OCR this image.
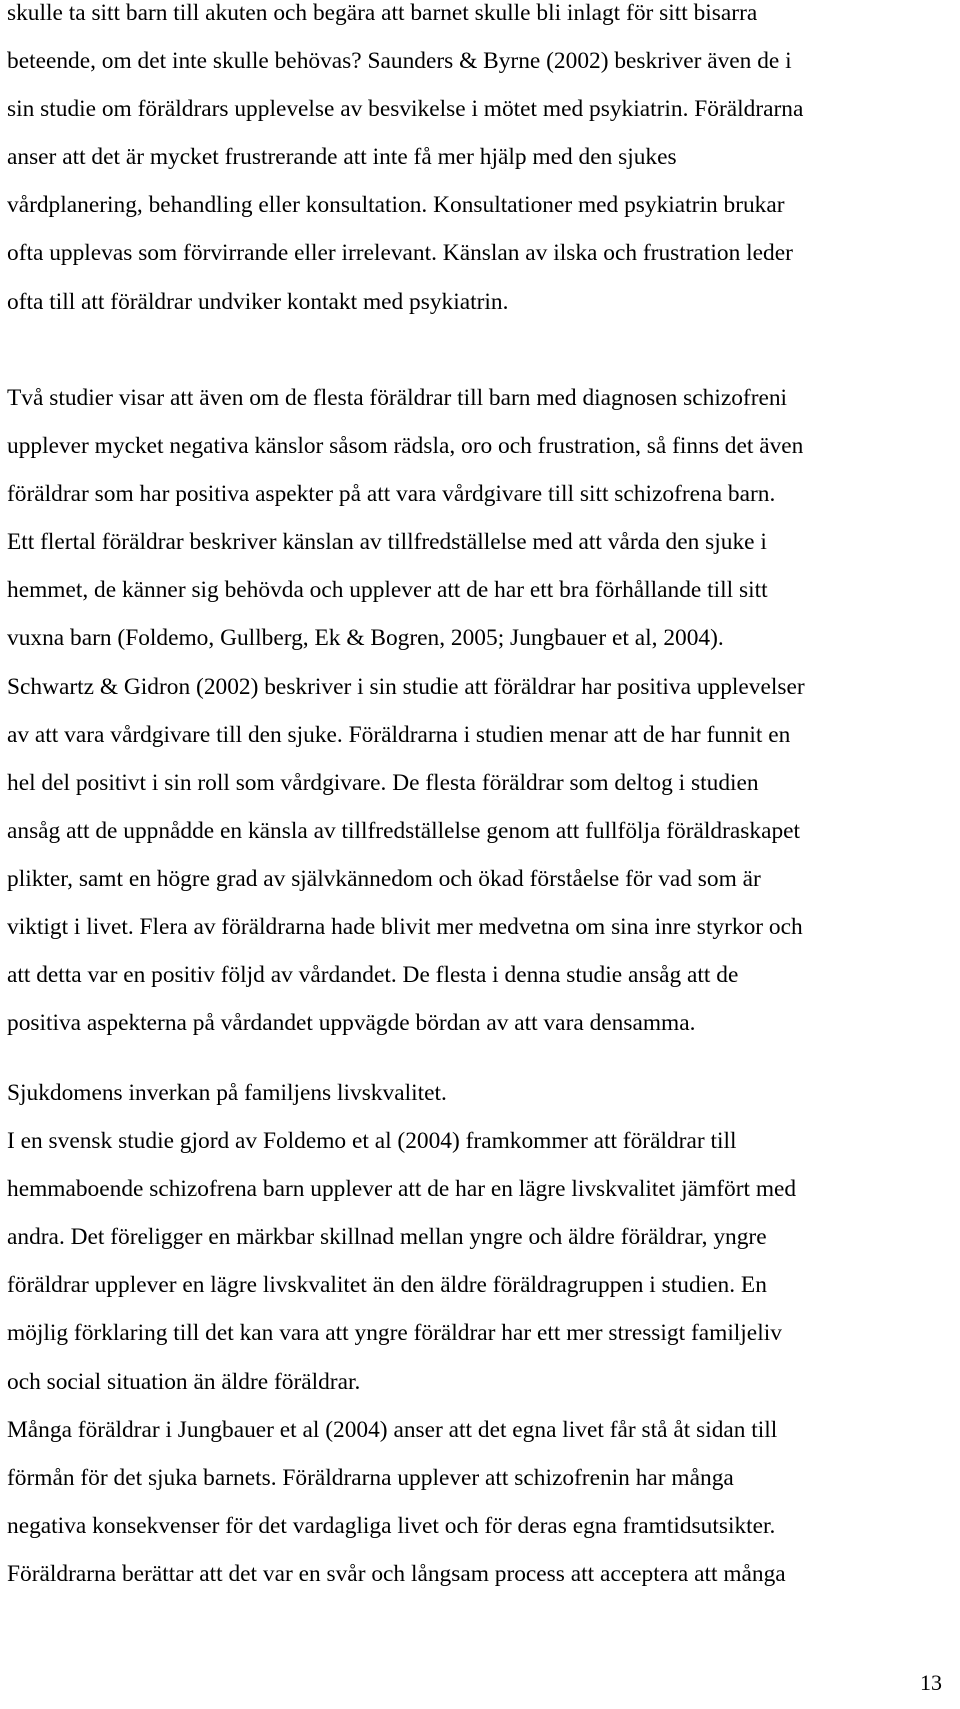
skulle ta sitt barn till akuten och begära att barnet skulle bli inlagt för sitt bisarra
beteende, om det inte skulle behövas? Saunders & Byrne (2002) beskriver även de i
sin studie om föräldrars upplevelse av besvikelse i mötet med psykiatrin. Föräldrarna
anser att det är mycket frustrerande att inte få mer hjälp med den sjukes
vårdplanering, behandling eller konsultation. Konsultationer med psykiatrin brukar
ofta upplevas som förvirrande eller irrelevant. Känslan av ilska och frustration leder
ofta till att föräldrar undviker kontakt med psykiatrin.
Två studier visar att även om de flesta föräldrar till barn med diagnosen schizofreni
upplever mycket negativa känslor såsom rädsla, oro och frustration, så finns det även
föräldrar som har positiva aspekter på att vara vårdgivare till sitt schizofrena barn.
Ett flertal föräldrar beskriver känslan av tillfredställelse med att vårda den sjuke i
hemmet, de känner sig behövda och upplever att de har ett bra förhållande till sitt
vuxna barn (Foldemo, Gullberg, Ek & Bogren, 2005; Jungbauer et al, 2004).
Schwartz & Gidron (2002) beskriver i sin studie att föräldrar har positiva upplevelser
av att vara vårdgivare till den sjuke. Föräldrarna i studien menar att de har funnit en
hel del positivt i sin roll som vårdgivare. De flesta föräldrar som deltog i studien
ansåg att de uppnådde en känsla av tillfredställelse genom att fullfölja föräldraskapet
plikter, samt en högre grad av självkännedom och ökad förståelse för vad som är
viktigt i livet. Flera av föräldrarna hade blivit mer medvetna om sina inre styrkor och
att detta var en positiv följd av vårdandet. De flesta i denna studie ansåg att de
positiva aspekterna på vårdandet uppvägde bördan av att vara densamma.
Sjukdomens inverkan på familjens livskvalitet.
I en svensk studie gjord av Foldemo et al (2004) framkommer att föräldrar till
hemmaboende schizofrena barn upplever att de har en lägre livskvalitet jämfört med
andra. Det föreligger en märkbar skillnad mellan yngre och äldre föräldrar, yngre
föräldrar upplever en lägre livskvalitet än den äldre föräldragruppen i studien. En
möjlig förklaring till det kan vara att yngre föräldrar har ett mer stressigt familjeliv
och social situation än äldre föräldrar.
Många föräldrar i Jungbauer et al (2004) anser att det egna livet får stå åt sidan till
förmån för det sjuka barnets. Föräldrarna upplever att schizofrenin har många
negativa konsekvenser för det vardagliga livet och för deras egna framtidsutsikter.
Föräldrarna berättar att det var en svår och långsam process att acceptera att många
13
